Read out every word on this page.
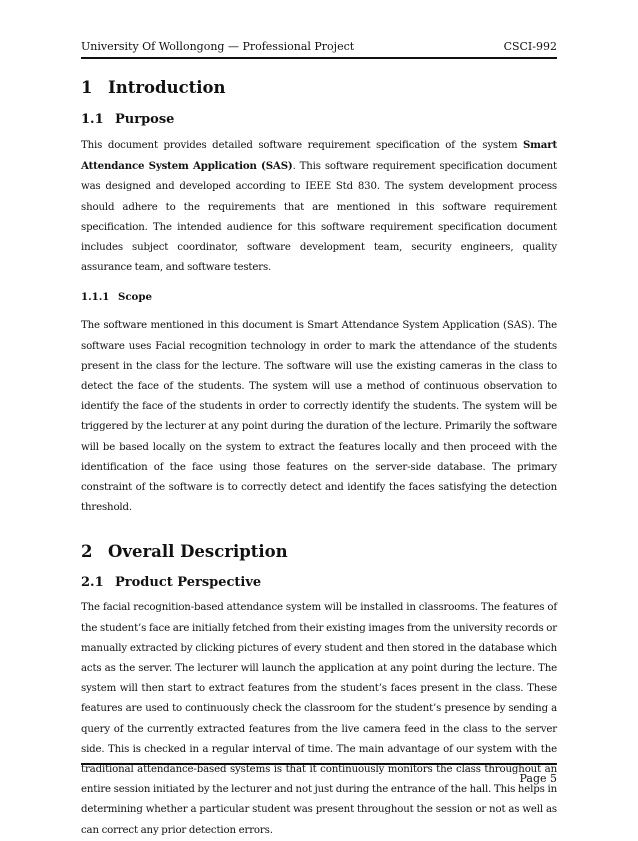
University Of Wollongong — Professional Project	CSCI-992
1 Introduction
1.1 Purpose

This document provides detailed software requirement specification of the system Smart Attendance System Application (SAS). This software requirement specification document was designed and developed according to IEEE Std 830. The system development process should adhere to the requirements that are mentioned in this software requirement specification. The intended audience for this software requirement specification document includes subject coordinator, software development team, security engineers, quality assurance team, and software testers.

1.1.1 Scope

The software mentioned in this document is Smart Attendance System Application (SAS). The software uses Facial recognition technology in order to mark the attendance of the students present in the class for the lecture. The software will use the existing cameras in the class to detect the face of the students. The system will use a method of continuous observation to identify the face of the students in order to correctly identify the students. The system will be triggered by the lecturer at any point during the duration of the lecture. Primarily the software will be based locally on the system to extract the features locally and then proceed with the identification of the face using those features on the server-side database. The primary constraint of the software is to correctly detect and identify the faces satisfying the detection threshold.

2 Overall Description
2.1 Product Perspective

The facial recognition-based attendance system will be installed in classrooms. The features of the student’s face are initially fetched from their existing images from the university records or manually extracted by clicking pictures of every student and then stored in the database which acts as the server. The lecturer will launch the application at any point during the lecture. The system will then start to extract features from the student’s faces present in the class. These features are used to continuously check the classroom for the student’s presence by sending a query of the currently extracted features from the live camera feed in the class to the server side. This is checked in a regular interval of time. The main advantage of our system with the traditional attendance-based systems is that it continuously monitors the class throughout an entire session initiated by the lecturer and not just during the entrance of the hall. This helps in determining whether a particular student was present throughout the session or not as well as can correct any prior detection errors.

Page 5
